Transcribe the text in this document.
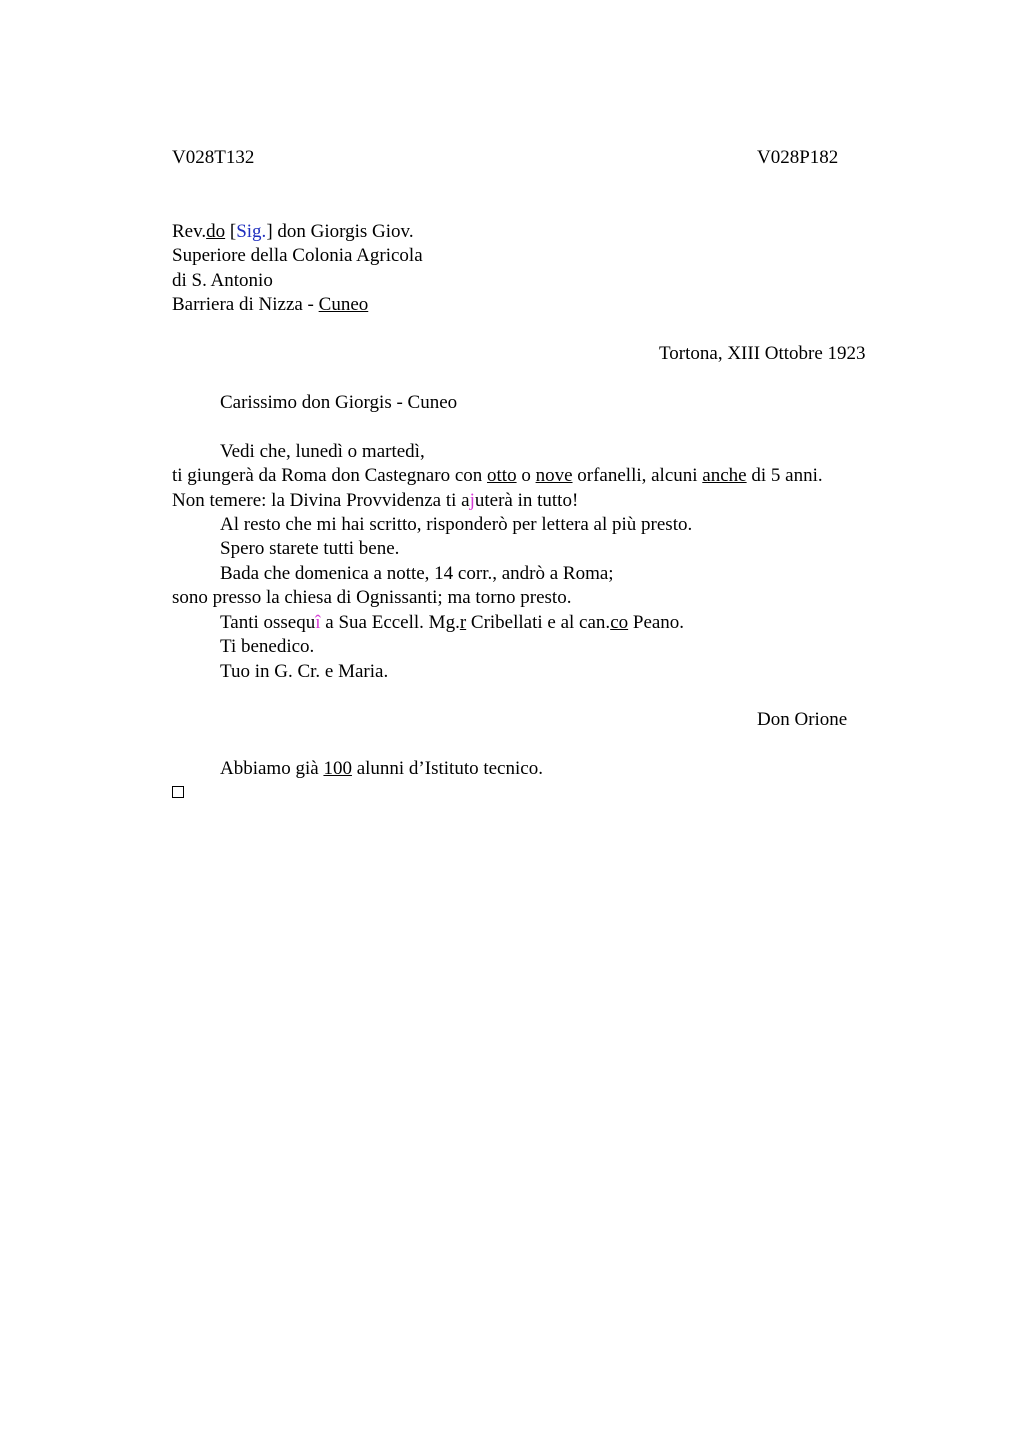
V028T132	V028P182
Rev.do [Sig.] don Giorgis Giov.
Superiore della Colonia Agricola
di S. Antonio
Barriera di Nizza - Cuneo
Tortona, XIII Ottobre 1923
Carissimo don Giorgis - Cuneo
Vedi che, lunedì o martedì,
ti giungerà da Roma don Castegnaro con otto o nove orfanelli, alcuni anche di 5 anni.
Non temere: la Divina Provvidenza ti ajuterà in tutto!
Al resto che mi hai scritto, risponderò per lettera al più presto.
Spero starete tutti bene.
Bada che domenica a notte, 14 corr., andrò a Roma;
sono presso la chiesa di Ognissanti; ma torno presto.
Tanti ossequî a Sua Eccell. Mg.r Cribellati e al can.co Peano.
Ti benedico.
Tuo in G. Cr. e Maria.
Don Orione
Abbiamo già 100 alunni d’Istituto tecnico.
